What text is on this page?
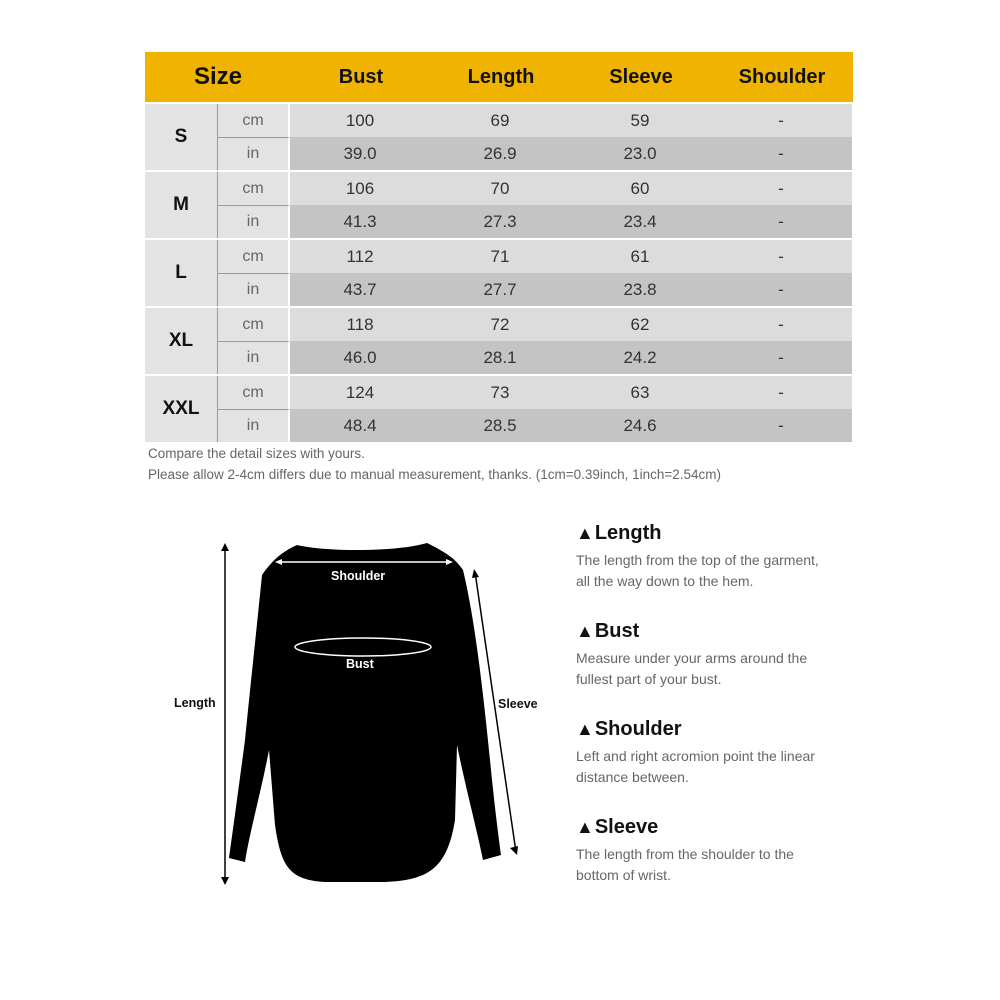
Size	Bust	Length	Sleeve	Shoulder
S
cm	100	69	59	-
in	39.0	26.9	23.0	-
M
cm	106	70	60	-
in	41.3	27.3	23.4	-
L
cm	112	71	61	-
in	43.7	27.7	23.8	-
XL
cm	118	72	62	-
in	46.0	28.1	24.2	-
XXL
cm	124	73	63	-
in	48.4	28.5	24.6	-
Compare the detail sizes with yours.
Please allow 2-4cm differs due to manual measurement, thanks. (1cm=0.39inch, 1inch=2.54cm)
Shoulder
Bust
Length	Sleeve
▲ Length
The length from the top of the garment,
all the way down to the hem.
▲ Bust
Measure under your arms around the
fullest part of your bust.
▲ Shoulder
Left and right acromion point the linear
distance between.
▲ Sleeve
The length from the shoulder to the
bottom of wrist.
